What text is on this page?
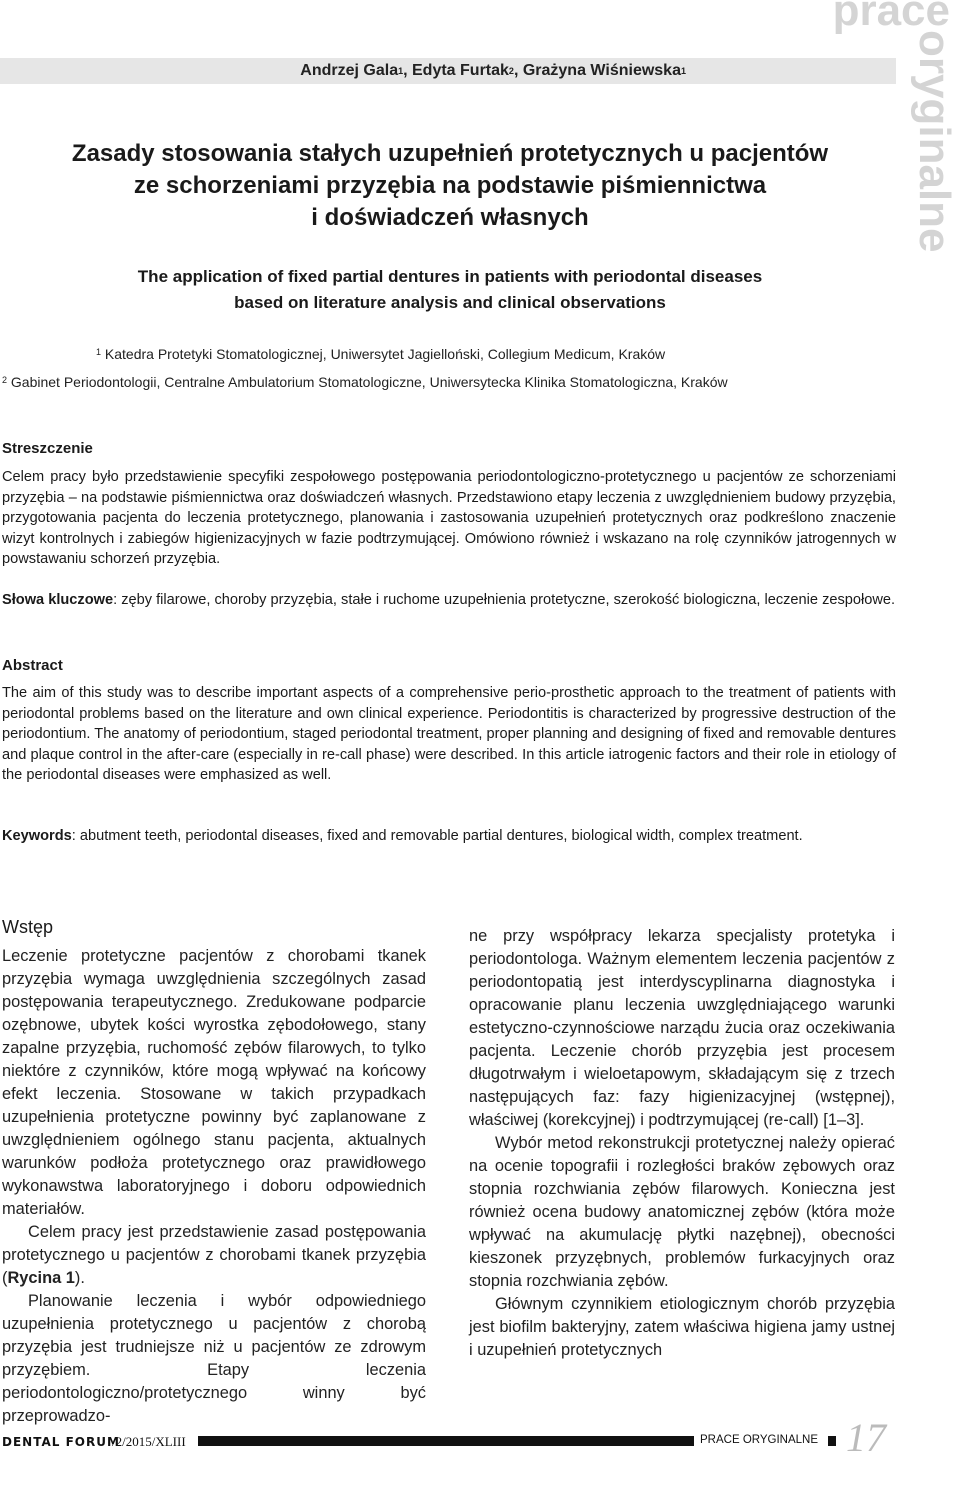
prace
oryginalne
Andrzej Gala$^1$, Edyta Furtak$^2$, Grażyna Wiśniewska$^1$
Zasady stosowania stałych uzupełnień protetycznych u pacjentów
ze schorzeniami przyzębia na podstawie piśmiennictwa
i doświadczeń własnych
The application of fixed partial dentures in patients with periodontal diseases
based on literature analysis and clinical observations
$^1$ Katedra Protetyki Stomatologicznej, Uniwersytet Jagielloński, Collegium Medicum, Kraków
$^2$ Gabinet Periodontologii, Centralne Ambulatorium Stomatologiczne, Uniwersytecka Klinika Stomatologiczna, Kraków
Streszczenie
Celem pracy było przedstawienie specyfiki zespołowego postępowania periodontologiczno-protetycznego u pacjentów ze schorzeniami przyzębia – na podstawie piśmiennictwa oraz doświadczeń własnych. Przedstawiono etapy leczenia z uwzględnieniem budowy przyzębia, przygotowania pacjenta do leczenia protetycznego, planowania i zastosowania uzupełnień protetycznych oraz podkreślono znaczenie wizyt kontrolnych i zabiegów higienizacyjnych w fazie podtrzymującej. Omówiono również i wskazano na rolę czynników jatrogennych w powstawaniu schorzeń przyzębia.
Słowa kluczowe: zęby filarowe, choroby przyzębia, stałe i ruchome uzupełnienia protetyczne, szerokość biologiczna, leczenie zespołowe.
Abstract
The aim of this study was to describe important aspects of a comprehensive perio-prosthetic approach to the treatment of patients with periodontal problems based on the literature and own clinical experience. Periodontitis is characterized by progressive destruction of the periodontium. The anatomy of periodontium, staged periodontal treatment, proper planning and designing of fixed and removable dentures and plaque control in the after-care (especially in re-call phase) were described. In this article iatrogenic factors and their role in etiology of the periodontal diseases were emphasized as well.
Keywords: abutment teeth, periodontal diseases, fixed and removable partial dentures, biological width, complex treatment.
Wstęp

Leczenie protetyczne pacjentów z chorobami tkanek przyzębia wymaga uwzględnienia szczególnych zasad postępowania terapeutycznego. Zredukowane podparcie ozębnowe, ubytek kości wyrostka zębodołowego, stany zapalne przyzębia, ruchomość zębów filarowych, to tylko niektóre z czynników, które mogą wpływać na końcowy efekt leczenia. Stosowane w takich przypadkach uzupełnienia protetyczne powinny być zaplanowane z uwzględnieniem ogólnego stanu pacjenta, aktualnych warunków podłoża protetycznego oraz prawidłowego wykonawstwa laboratoryjnego i doboru odpowiednich materiałów.

Celem pracy jest przedstawienie zasad postępowania protetycznego u pacjentów z chorobami tkanek przyzębia (Rycina 1).

Planowanie leczenia i wybór odpowiedniego uzupełnienia protetycznego u pacjentów z chorobą przyzębia jest trudniejsze niż u pacjentów ze zdrowym przyzębiem. Etapy leczenia periodontologiczno/protetycznego winny być przeprowadzo-

ne przy współpracy lekarza specjalisty protetyka i periodontologa. Ważnym elementem leczenia pacjentów z periodontopatią jest interdyscyplinarna diagnostyka i opracowanie planu leczenia uwzględniającego warunki estetyczno-czynnościowe narządu żucia oraz oczekiwania pacjenta. Leczenie chorób przyzębia jest procesem długotrwałym i wieloetapowym, składającym się z trzech następujących faz: fazy higienizacyjnej (wstępnej), właściwej (korekcyjnej) i podtrzymującej (re-call) [1–3].

Wybór metod rekonstrukcji protetycznej należy opierać na ocenie topografii i rozległości braków zębowych oraz stopnia rozchwiania zębów filarowych. Konieczna jest również ocena budowy anatomicznej zębów (która może wpływać na akumulację płytki nazębnej), obecności kieszonek przyzębnych, problemów furkacyjnych oraz stopnia rozchwiania zębów.

Głównym czynnikiem etiologicznym chorób przyzębia jest biofilm bakteryjny, zatem właściwa higiena jamy ustnej i uzupełnień protetycznych

DENTAL FORUM
/2/2015/XLIII	PRACE ORYGINALNE 17
